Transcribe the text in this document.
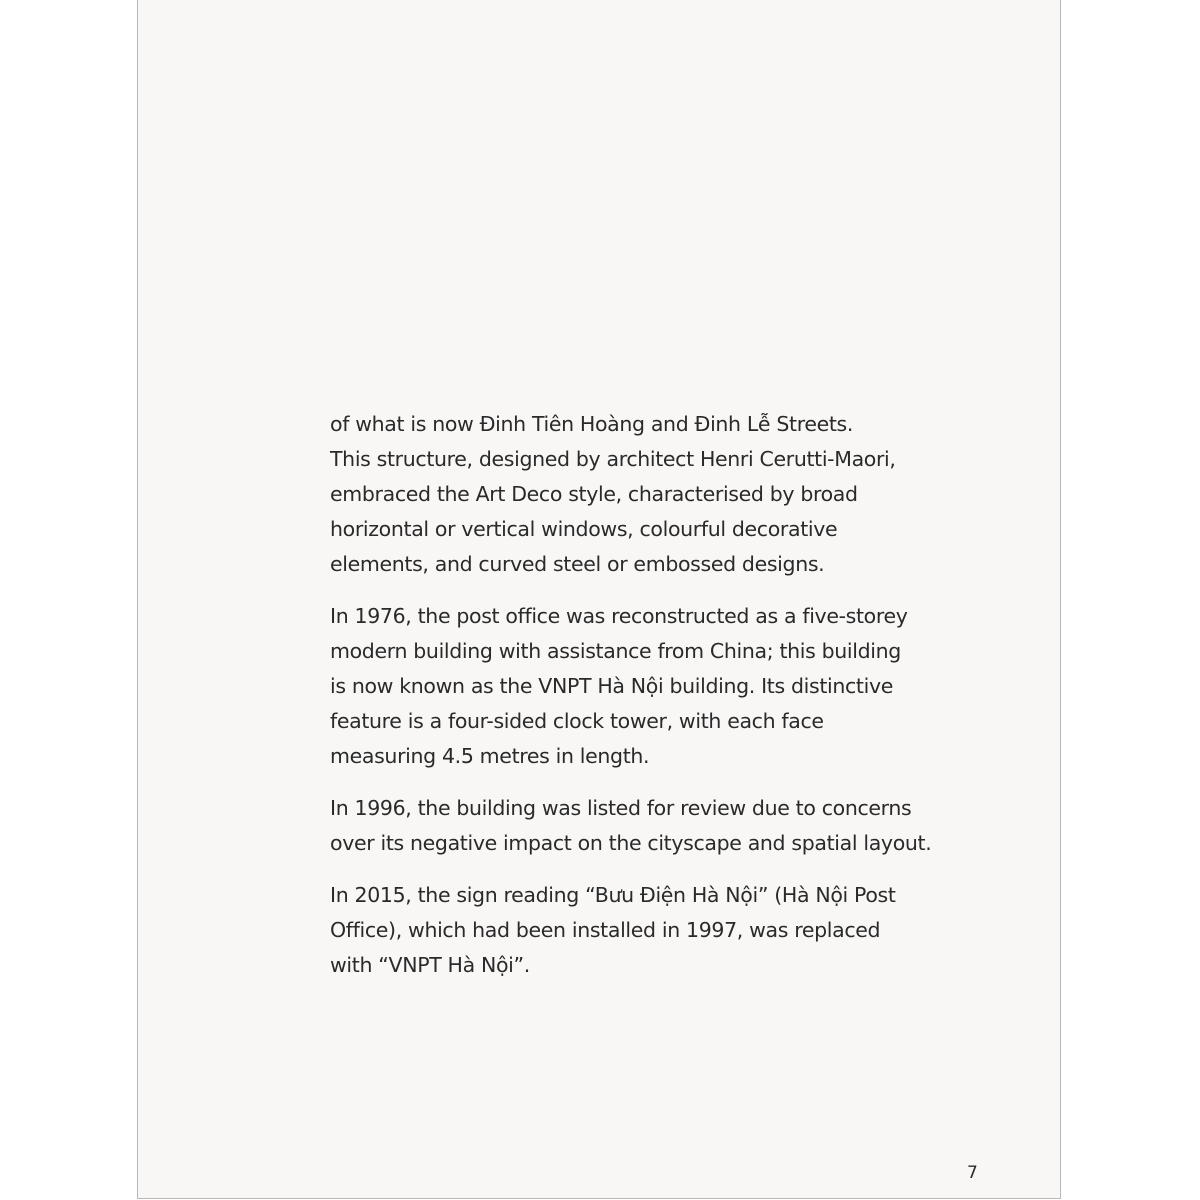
of what is now Đinh Tiên Hoàng and Đinh Lễ Streets.
This structure, designed by architect Henri Cerutti-Maori,
embraced the Art Deco style, characterised by broad
horizontal or vertical windows, colourful decorative
elements, and curved steel or embossed designs.

In 1976, the post office was reconstructed as a five-storey
modern building with assistance from China; this building
is now known as the VNPT Hà Nội building. Its distinctive
feature is a four-sided clock tower, with each face
measuring 4.5 metres in length.

In 1996, the building was listed for review due to concerns
over its negative impact on the cityscape and spatial layout.

In 2015, the sign reading “Bưu Điện Hà Nội” (Hà Nội Post
Office), which had been installed in 1997, was replaced
with “VNPT Hà Nội”.

7
